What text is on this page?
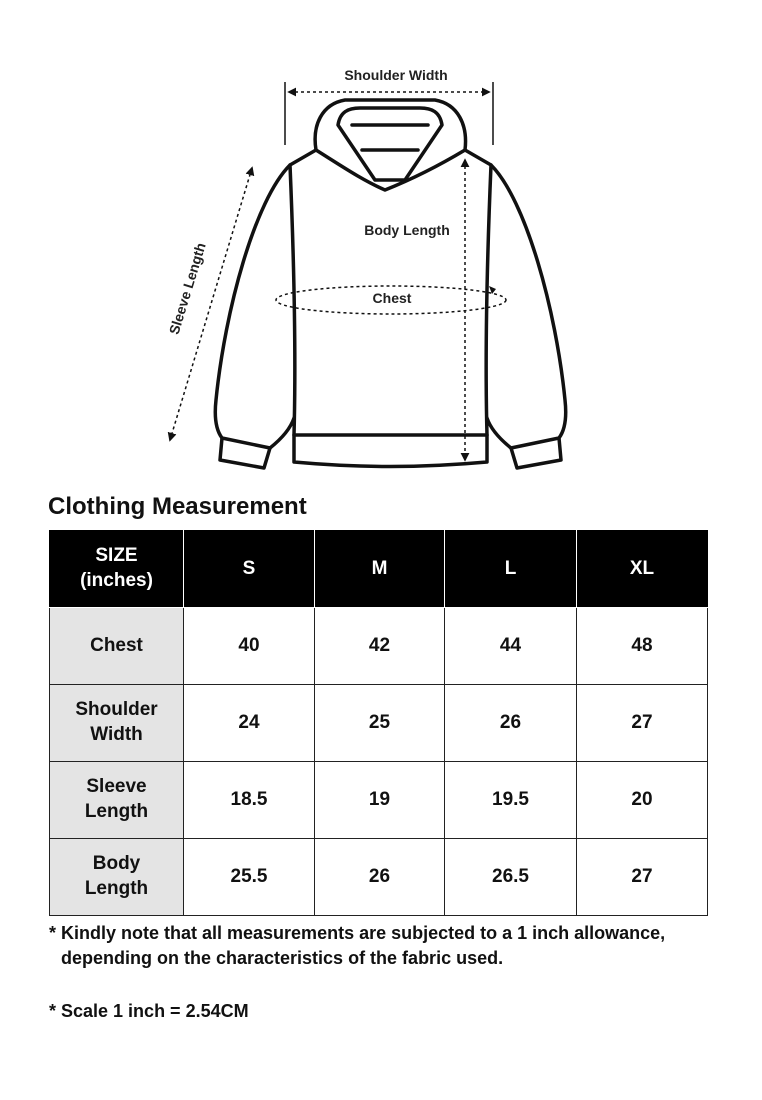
Shoulder Width
Body Length
Chest
Sleeve Length
Clothing Measurement
SIZE
(inches)	S	M	L	XL
Chest	40	42	44	48
Shoulder Width	24	25	26	27
Sleeve Length	18.5	19	19.5	20
Body Length	25.5	26	26.5	27

* Kindly note that all measurements are subjected to a 1 inch allowance,
depending on the characteristics of the fabric used.

* Scale 1 inch = 2.54CM
